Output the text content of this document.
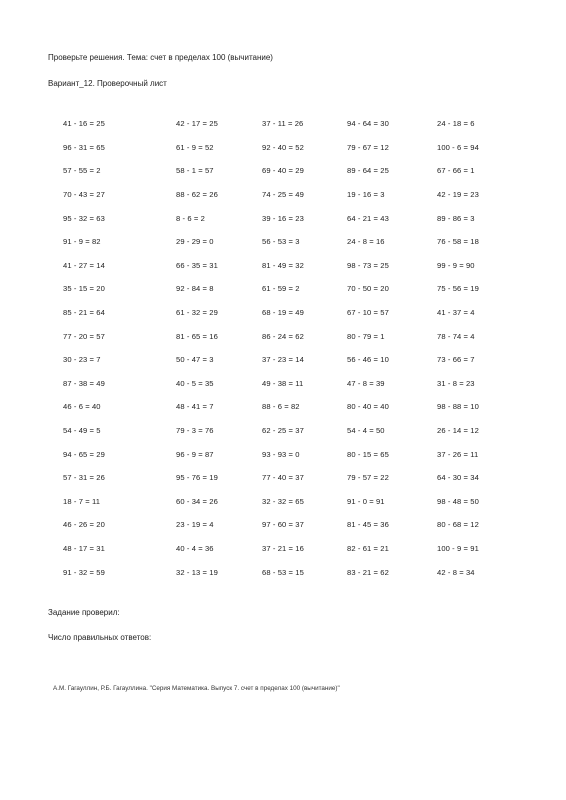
Проверьте решения. Тема: счет в пределах 100 (вычитание)
Вариант_12. Проверочный лист
41 - 16 = 25	42 - 17 = 25	37 - 11 = 26	94 - 64 = 30	24 - 18 = 6
96 - 31 = 65	61 - 9 = 52	92 - 40 = 52	79 - 67 = 12	100 - 6 = 94
57 - 55 = 2	58 - 1 = 57	69 - 40 = 29	89 - 64 = 25	67 - 66 = 1
70 - 43 = 27	88 - 62 = 26	74 - 25 = 49	19 - 16 = 3	42 - 19 = 23
95 - 32 = 63	8 - 6 = 2	39 - 16 = 23	64 - 21 = 43	89 - 86 = 3
91 - 9 = 82	29 - 29 = 0	56 - 53 = 3	24 - 8 = 16	76 - 58 = 18
41 - 27 = 14	66 - 35 = 31	81 - 49 = 32	98 - 73 = 25	99 - 9 = 90
35 - 15 = 20	92 - 84 = 8	61 - 59 = 2	70 - 50 = 20	75 - 56 = 19
85 - 21 = 64	61 - 32 = 29	68 - 19 = 49	67 - 10 = 57	41 - 37 = 4
77 - 20 = 57	81 - 65 = 16	86 - 24 = 62	80 - 79 = 1	78 - 74 = 4
30 - 23 = 7	50 - 47 = 3	37 - 23 = 14	56 - 46 = 10	73 - 66 = 7
87 - 38 = 49	40 - 5 = 35	49 - 38 = 11	47 - 8 = 39	31 - 8 = 23
46 - 6 = 40	48 - 41 = 7	88 - 6 = 82	80 - 40 = 40	98 - 88 = 10
54 - 49 = 5	79 - 3 = 76	62 - 25 = 37	54 - 4 = 50	26 - 14 = 12
94 - 65 = 29	96 - 9 = 87	93 - 93 = 0	80 - 15 = 65	37 - 26 = 11
57 - 31 = 26	95 - 76 = 19	77 - 40 = 37	79 - 57 = 22	64 - 30 = 34
18 - 7 = 11	60 - 34 = 26	32 - 32 = 65	91 - 0 = 91	98 - 48 = 50
46 - 26 = 20	23 - 19 = 4	97 - 60 = 37	81 - 45 = 36	80 - 68 = 12
48 - 17 = 31	40 - 4 = 36	37 - 21 = 16	82 - 61 = 21	100 - 9 = 91
91 - 32 = 59	32 - 13 = 19	68 - 53 = 15	83 - 21 = 62	42 - 8 = 34
Задание проверил:
Число правильных ответов:
А.М. Гагауллин, Р.Б. Гагауллина. "Серия Математика. Выпуск 7. счет в пределах 100 (вычитание)"
